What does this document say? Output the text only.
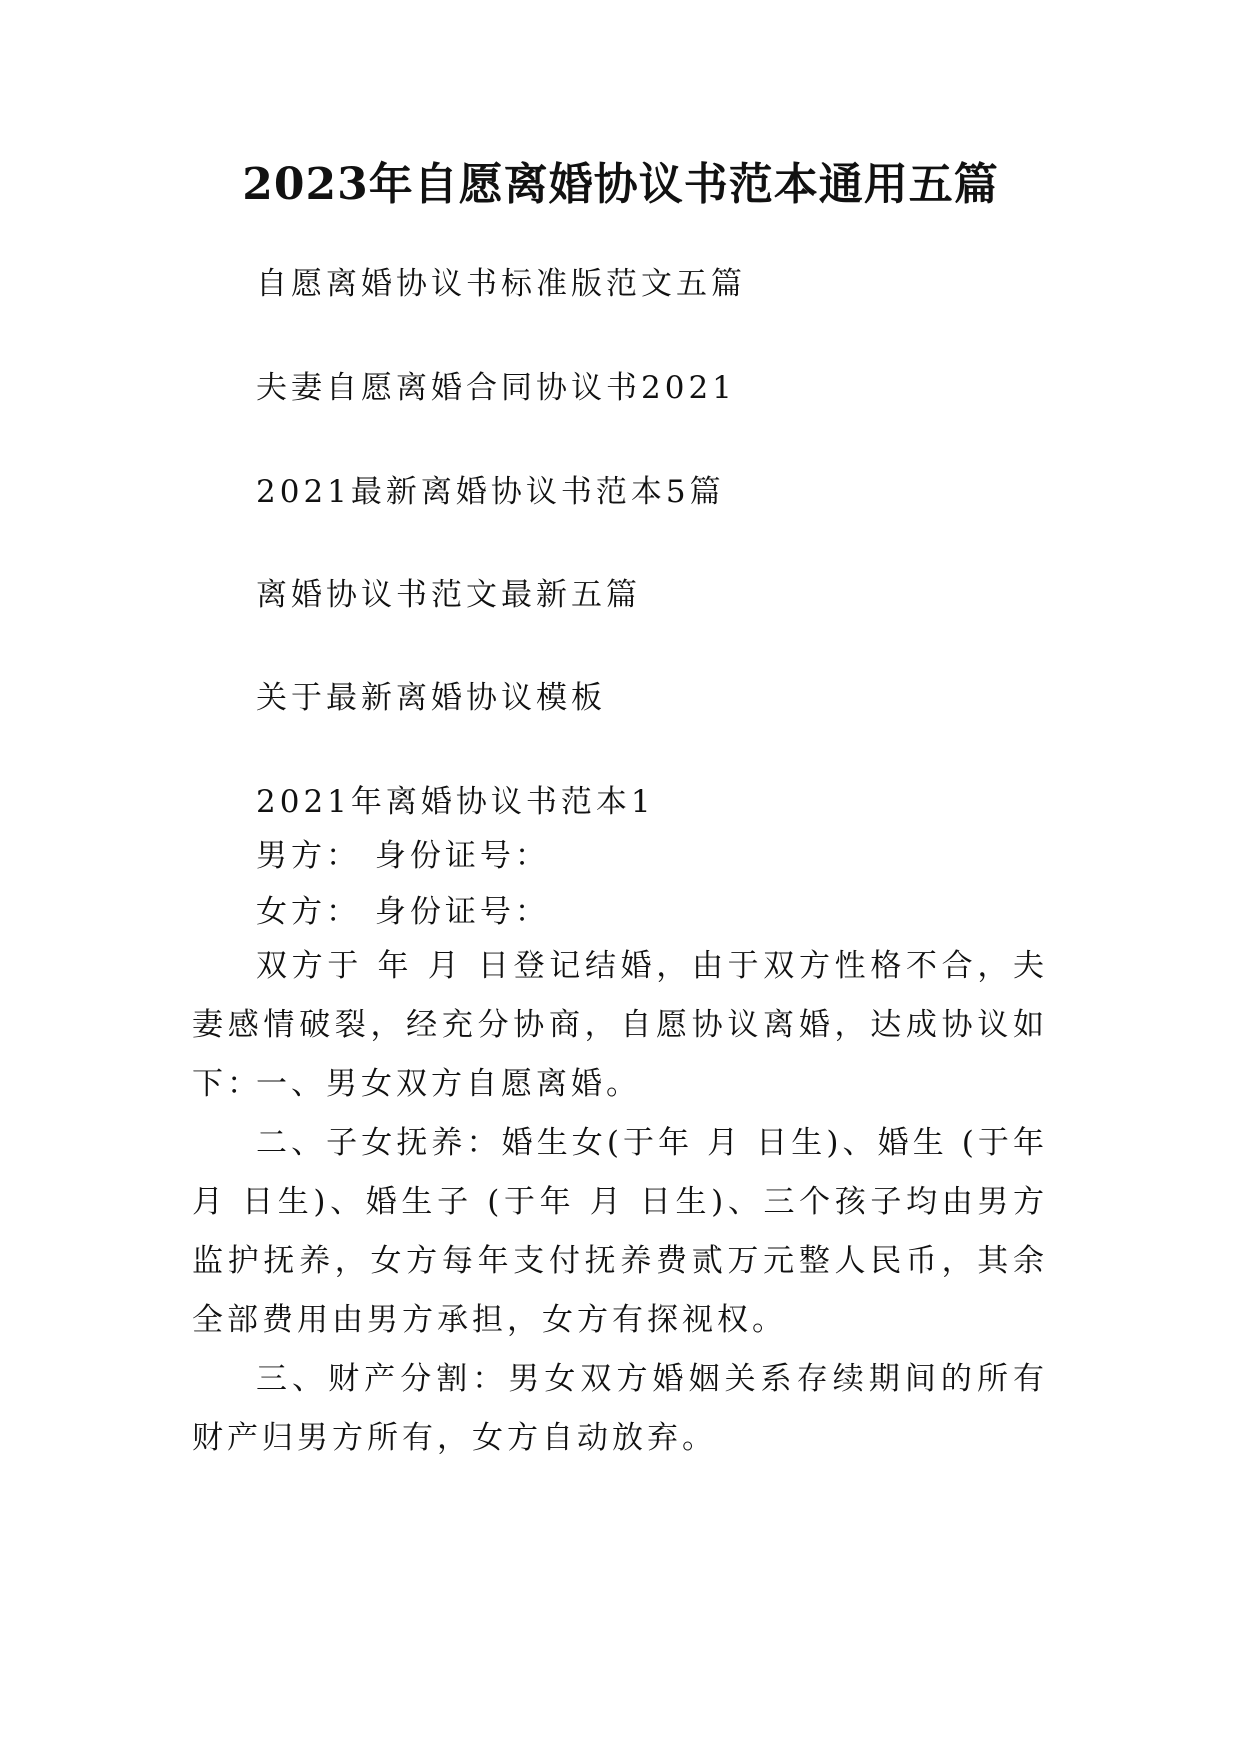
2023年自愿离婚协议书范本通用五篇
自愿离婚协议书标准版范文五篇
夫妻自愿离婚合同协议书2021
2021最新离婚协议书范本5篇
离婚协议书范文最新五篇
关于最新离婚协议模板
2021年离婚协议书范本1
男方： 身份证号：
女方： 身份证号：
双方于 年 月 日登记结婚，由于双方性格不合，夫妻感情破裂，经充分协商，自愿协议离婚，达成协议如下：
一、男女双方自愿离婚。
二、子女抚养：婚生女(于年 月 日生)、婚生 (于年 月 日生)、婚生子 (于年 月 日生)、三个孩子均由男方监护抚养，女方每年支付抚养费贰万元整人民币，其余全部费用由男方承担，女方有探视权。
三、财产分割：男女双方婚姻关系存续期间的所有财产归男方所有，女方自动放弃。
